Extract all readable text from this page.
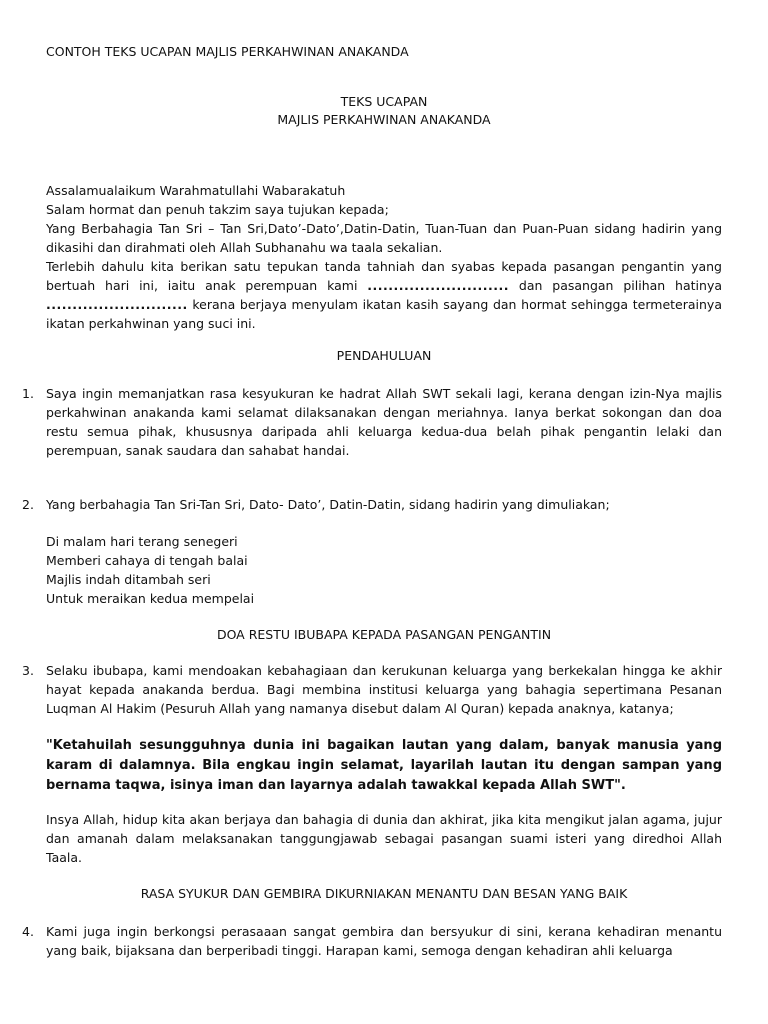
CONTOH TEKS UCAPAN MAJLIS PERKAHWINAN ANAKANDA
TEKS UCAPAN
MAJLIS PERKAHWINAN ANAKANDA
Assalamualaikum Warahmatullahi Wabarakatuh
Salam hormat dan penuh takzim saya tujukan kepada;
Yang Berbahagia Tan Sri – Tan Sri,Dato’-Dato’,Datin-Datin, Tuan-Tuan dan Puan-Puan sidang hadirin yang dikasihi dan dirahmati oleh Allah Subhanahu wa taala sekalian.
Terlebih dahulu kita berikan satu tepukan tanda tahniah dan syabas kepada pasangan pengantin yang bertuah hari ini, iaitu anak perempuan kami ........................... dan pasangan pilihan hatinya ........................... kerana berjaya menyulam ikatan kasih sayang dan hormat sehingga termeterainya ikatan perkahwinan yang suci ini.
PENDAHULUAN
1. Saya ingin memanjatkan rasa kesyukuran ke hadrat Allah SWT sekali lagi, kerana dengan izin-Nya majlis perkahwinan anakanda kami selamat dilaksanakan dengan meriahnya. Ianya berkat sokongan dan doa restu semua pihak, khususnya daripada ahli keluarga kedua-dua belah pihak pengantin lelaki dan perempuan, sanak saudara dan sahabat handai.
2. Yang berbahagia Tan Sri-Tan Sri, Dato- Dato’, Datin-Datin, sidang hadirin yang dimuliakan;
Di malam hari terang senegeri
Memberi cahaya di tengah balai
Majlis indah ditambah seri
Untuk meraikan kedua mempelai
DOA RESTU IBUBAPA KEPADA PASANGAN PENGANTIN
3. Selaku ibubapa, kami mendoakan kebahagiaan dan kerukunan keluarga yang berkekalan hingga ke akhir hayat kepada anakanda berdua. Bagi membina institusi keluarga yang bahagia sepertimana Pesanan Luqman Al Hakim (Pesuruh Allah yang namanya disebut dalam Al Quran) kepada anaknya, katanya;
"Ketahuilah sesungguhnya dunia ini bagaikan lautan yang dalam, banyak manusia yang karam di dalamnya. Bila engkau ingin selamat, layarilah lautan itu dengan sampan yang bernama taqwa, isinya iman dan layarnya adalah tawakkal kepada Allah SWT".
Insya Allah, hidup kita akan berjaya dan bahagia di dunia dan akhirat, jika kita mengikut jalan agama, jujur dan amanah dalam melaksanakan tanggungjawab sebagai pasangan suami isteri yang diredhoi Allah Taala.
RASA SYUKUR DAN GEMBIRA DIKURNIAKAN MENANTU DAN BESAN YANG BAIK
4. Kami juga ingin berkongsi perasaaan sangat gembira dan bersyukur di sini, kerana kehadiran menantu yang baik, bijaksana dan berperibadi tinggi. Harapan kami, semoga dengan kehadiran ahli keluarga
